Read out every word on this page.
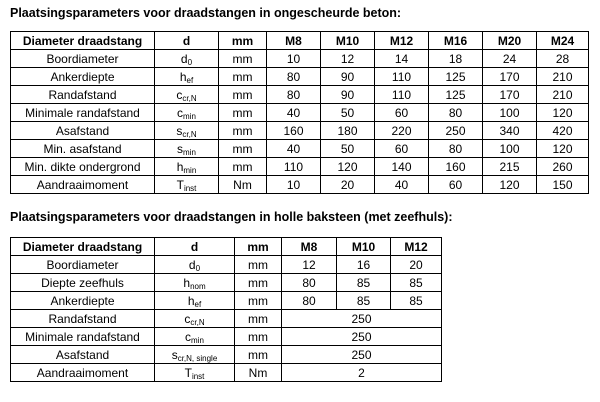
Plaatsingsparameters voor draadstangen in ongescheurde beton:
Diameter draadstang	d	mm	M8	M10	M12	M16	M20	M24
Boordiameter	$d_0$	mm	10	12	14	18	24	28
Ankerdiepte	$h_{ef}$	mm	80	90	110	125	170	210
Randafstand	$c_{cr,N}$	mm	80	90	110	125	170	210
Minimale randafstand	$c_{min}$	mm	40	50	60	80	100	120
Asafstand	$s_{cr,N}$	mm	160	180	220	250	340	420
Min. asafstand	$s_{min}$	mm	40	50	60	80	100	120
Min. dikte ondergrond	$h_{min}$	mm	110	120	140	160	215	260
Aandraaimoment	$T_{inst}$	Nm	10	20	40	60	120	150
Plaatsingsparameters voor draadstangen in holle baksteen (met zeefhuls):
Diameter draadstang	d	mm	M8	M10	M12
Boordiameter	$d_0$	mm	12	16	20
Diepte zeefhuls	$h_{nom}$	mm	80	85	85
Ankerdiepte	$h_{ef}$	mm	80	85	85
Randafstand	$c_{cr,N}$	mm	250		
Minimale randafstand	$c_{min}$	mm	250		
Asafstand	$s_{cr,N, single}$	mm	250		
Aandraaimoment	$T_{inst}$	Nm	2		
